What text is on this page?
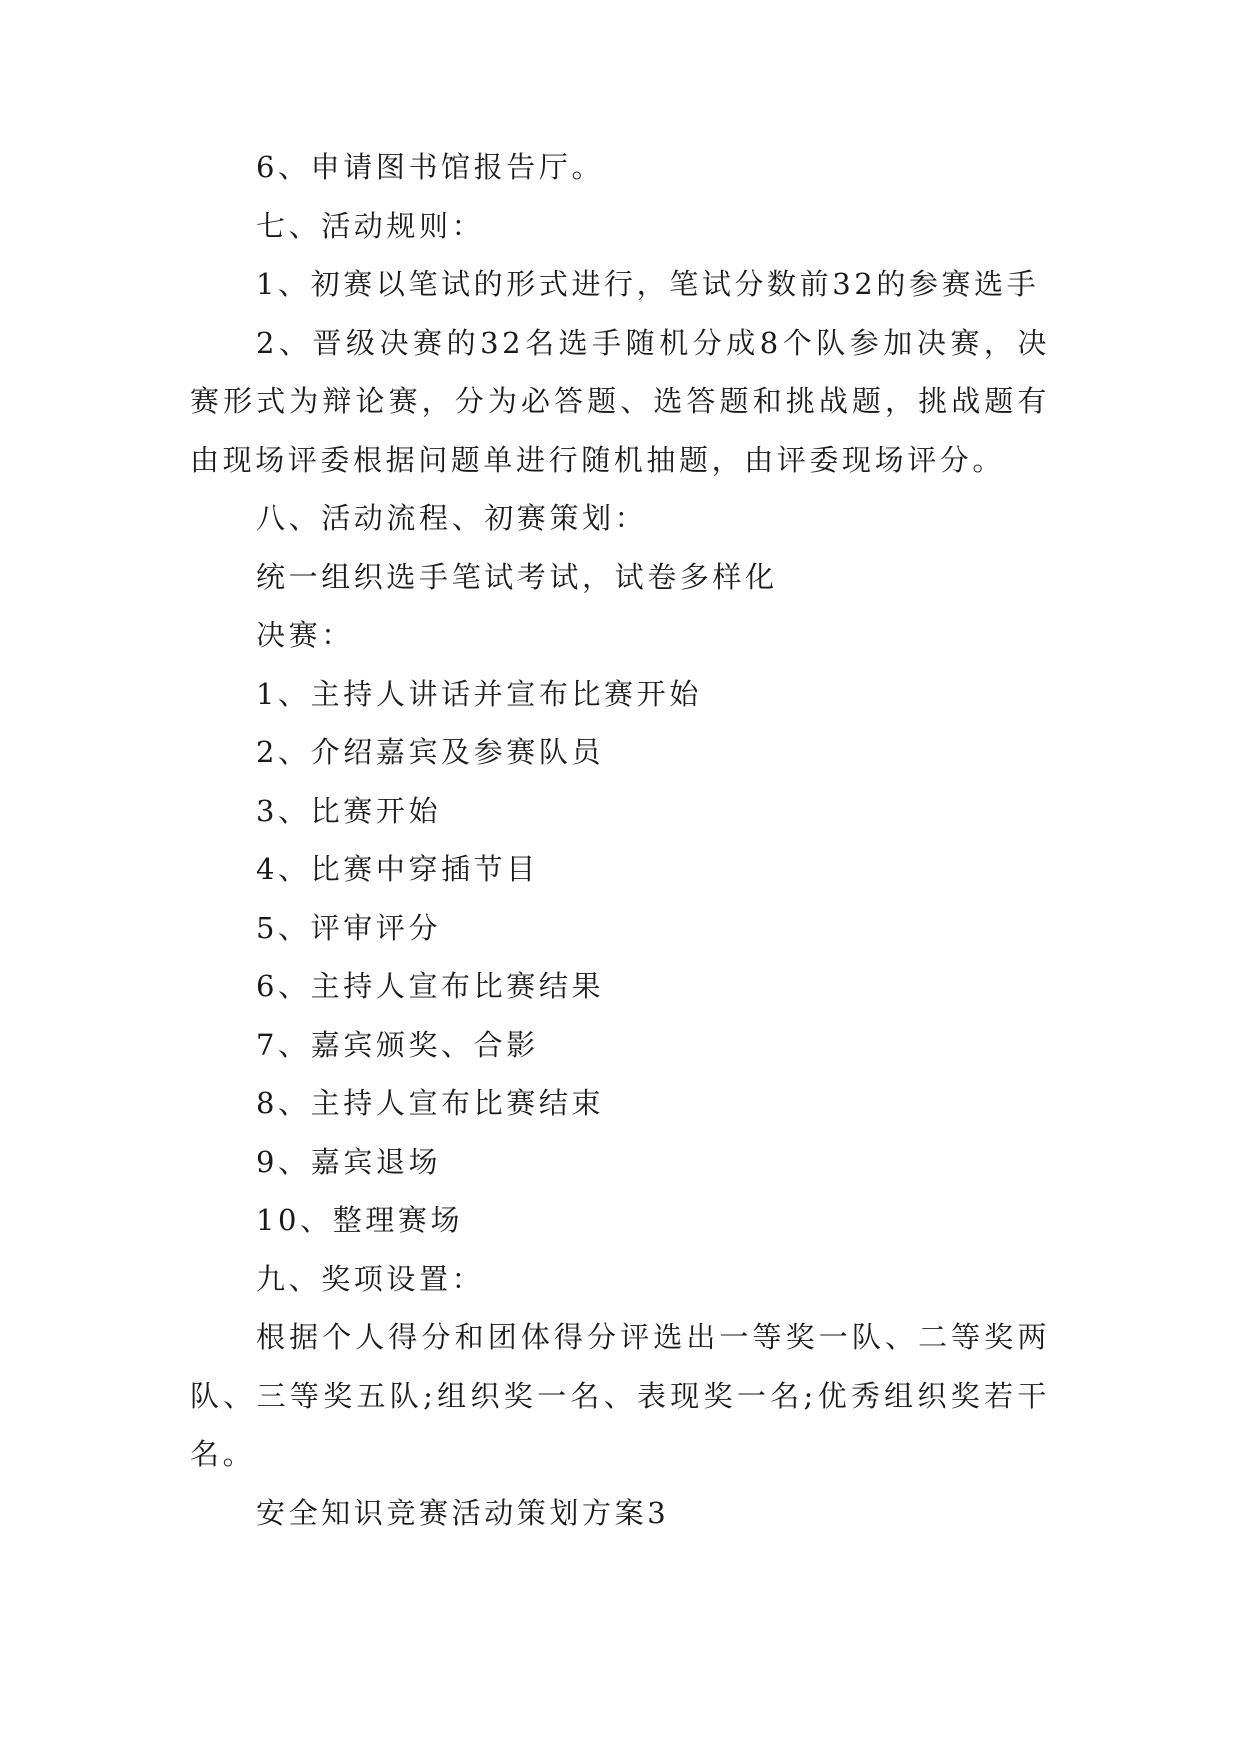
6、申请图书馆报告厅。

七、活动规则：

1、初赛以笔试的形式进行，笔试分数前32的参赛选手

2、晋级决赛的32名选手随机分成8个队参加决赛，决赛形式为辩论赛，分为必答题、选答题和挑战题，挑战题有由现场评委根据问题单进行随机抽题，由评委现场评分。

八、活动流程、初赛策划：

统一组织选手笔试考试，试卷多样化

决赛：

1、主持人讲话并宣布比赛开始

2、介绍嘉宾及参赛队员

3、比赛开始

4、比赛中穿插节目

5、评审评分

6、主持人宣布比赛结果

7、嘉宾颁奖、合影

8、主持人宣布比赛结束

9、嘉宾退场

10、整理赛场

九、奖项设置：

根据个人得分和团体得分评选出一等奖一队、二等奖两队、三等奖五队;组织奖一名、表现奖一名;优秀组织奖若干名。

安全知识竞赛活动策划方案3
